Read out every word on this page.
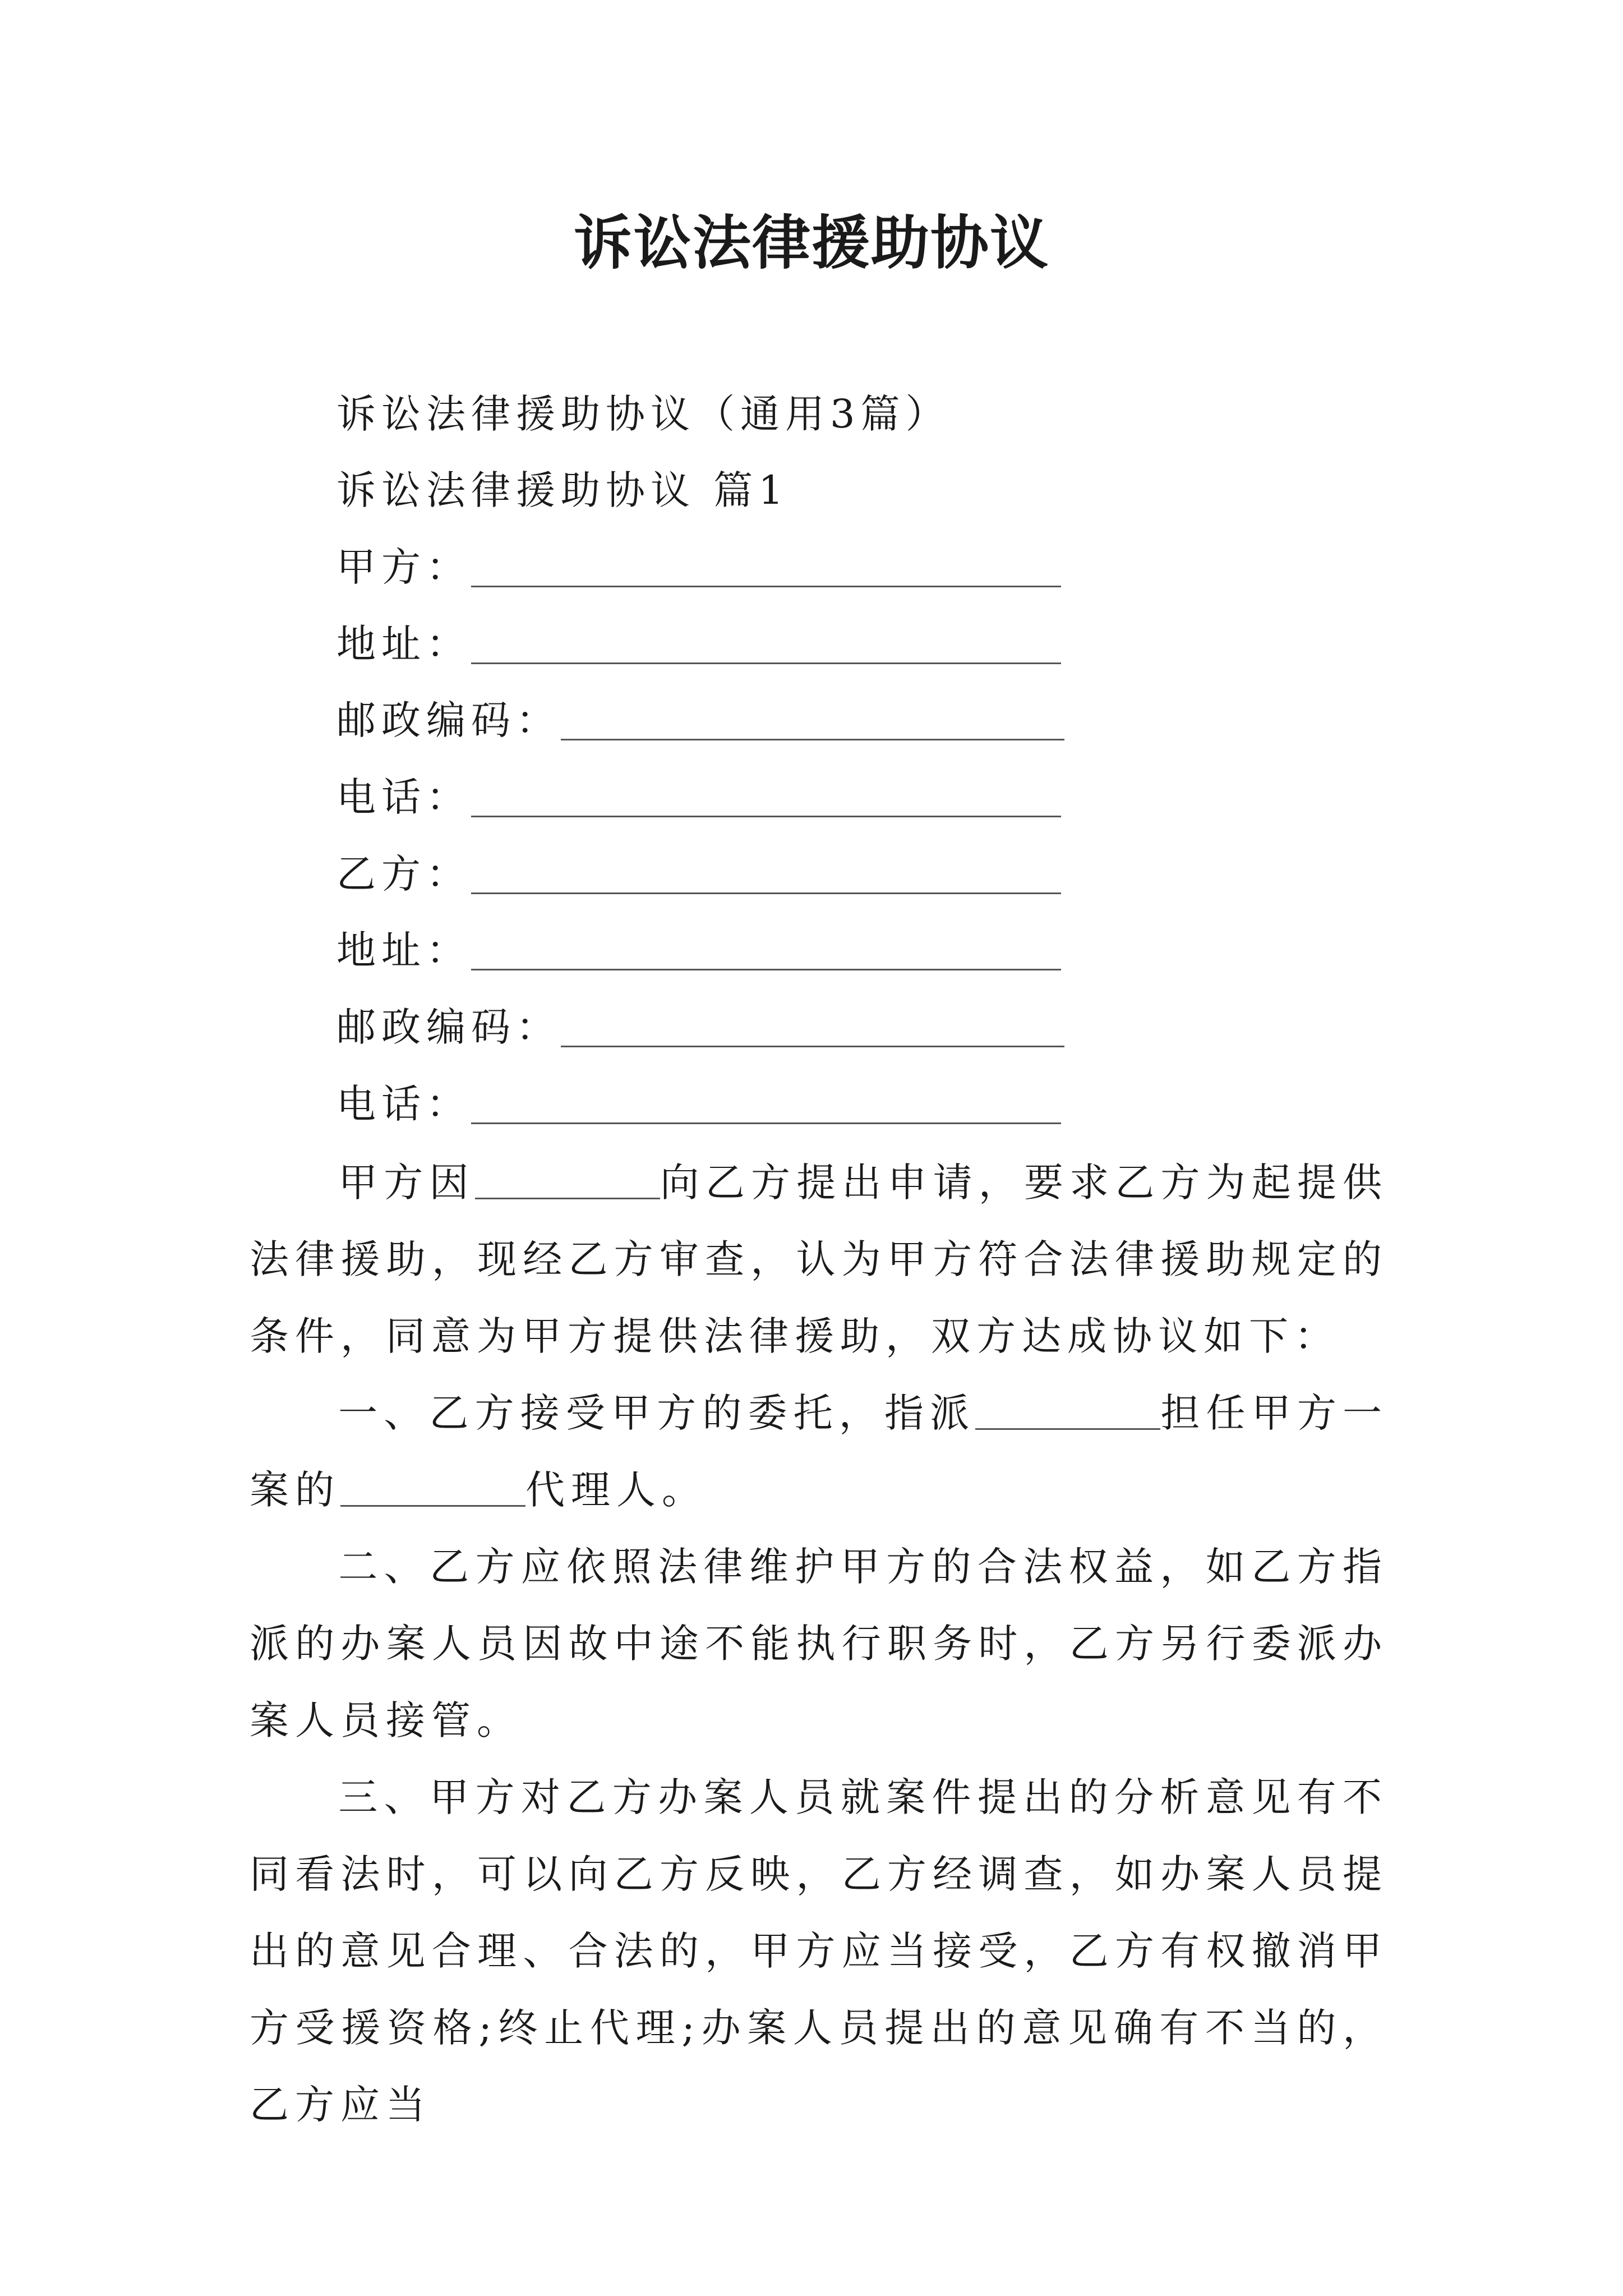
诉讼法律援助协议
诉讼法律援助协议（通用3篇）
诉讼法律援助协议 篇1
甲方：
地址：
邮政编码：
电话：
乙方：
地址：
邮政编码：
电话：
甲方因	向乙方提出申请，要求乙方为起提供法律援助，现经乙方审查，认为甲方符合法律援助规定的条件，同意为甲方提供法律援助，双方达成协议如下：
一、乙方接受甲方的委托，指派	担任甲方一案的	代理人。
二、乙方应依照法律维护甲方的合法权益，如乙方指派的办案人员因故中途不能执行职务时，乙方另行委派办案人员接管。
三、甲方对乙方办案人员就案件提出的分析意见有不同看法时，可以向乙方反映，乙方经调查，如办案人员提出的意见合理、合法的，甲方应当接受，乙方有权撤消甲方受援资格;终止代理;办案人员提出的意见确有不当的，乙方应当
